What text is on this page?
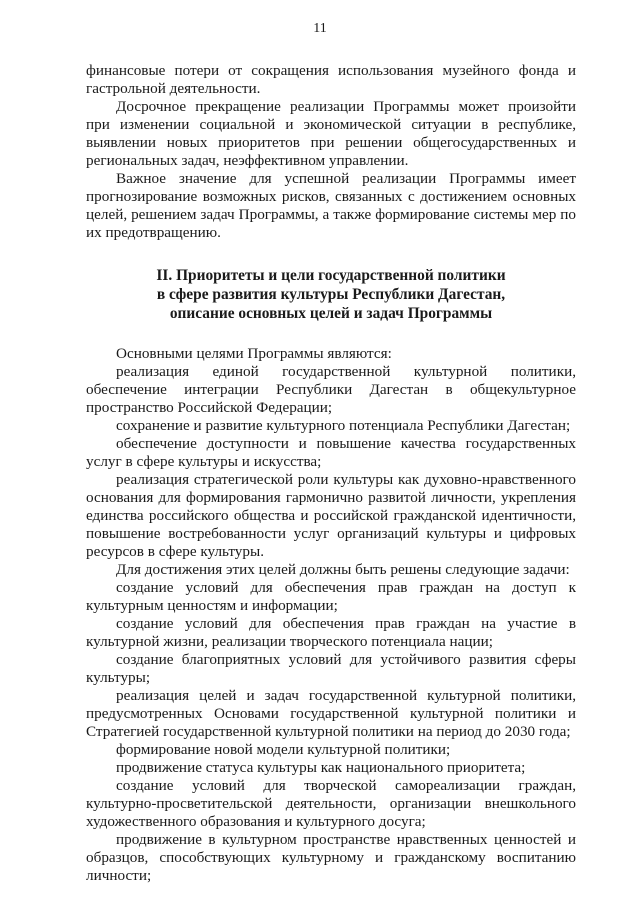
11

финансовые потери от сокращения использования музейного фонда и гастрольной деятельности.

Досрочное прекращение реализации Программы может произойти при изменении социальной и экономической ситуации в республике, выявлении новых приоритетов при решении общегосударственных и региональных задач, неэффективном управлении.

Важное значение для успешной реализации Программы имеет прогнозирование возможных рисков, связанных с достижением основных целей, решением задач Программы, а также формирование системы мер по их предотвращению.

II. Приоритеты и цели государственной политики
в сфере развития культуры Республики Дагестан,
описание основных целей и задач Программы

Основными целями Программы являются:

реализация единой государственной культурной политики, обеспечение интеграции Республики Дагестан в общекультурное пространство Российской Федерации;

сохранение и развитие культурного потенциала Республики Дагестан;

обеспечение доступности и повышение качества государственных услуг в сфере культуры и искусства;

реализация стратегической роли культуры как духовно-нравственного основания для формирования гармонично развитой личности, укрепления единства российского общества и российской гражданской идентичности, повышение востребованности услуг организаций культуры и цифровых ресурсов в сфере культуры.

Для достижения этих целей должны быть решены следующие задачи:

создание условий для обеспечения прав граждан на доступ к культурным ценностям и информации;

создание условий для обеспечения прав граждан на участие в культурной жизни, реализации творческого потенциала нации;

создание благоприятных условий для устойчивого развития сферы культуры;

реализация целей и задач государственной культурной политики, предусмотренных Основами государственной культурной политики и Стратегией государственной культурной политики на период до 2030 года;

формирование новой модели культурной политики;

продвижение статуса культуры как национального приоритета;

создание условий для творческой самореализации граждан, культурно-просветительской деятельности, организации внешкольного художественного образования и культурного досуга;

продвижение в культурном пространстве нравственных ценностей и образцов, способствующих культурному и гражданскому воспитанию личности;
